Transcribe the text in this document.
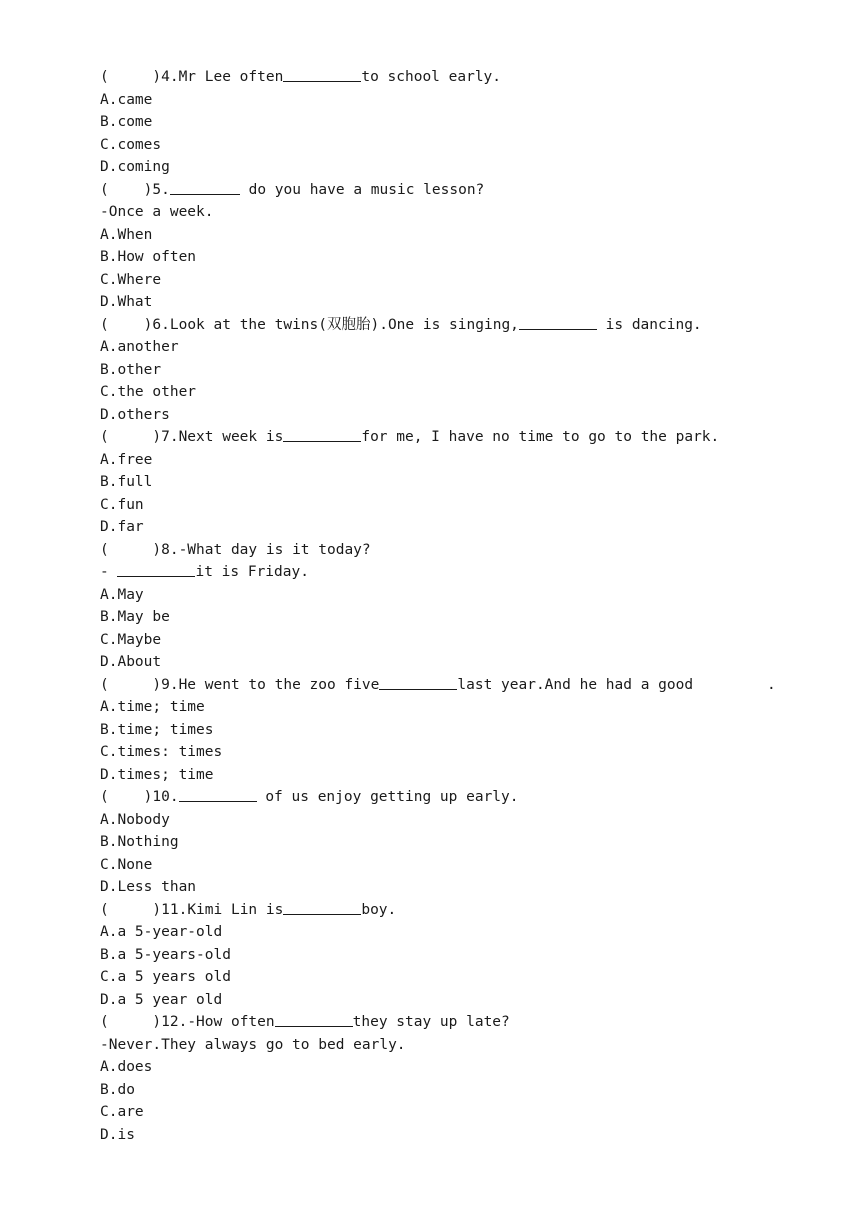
(     )4.Mr Lee often	to school early.
A.came
B.come
C.comes
D.coming
(    )5.	do you have a music lesson?
-Once a week.
A.When
B.How often
C.Where
D.What
(    )6.Look at the twins(双胞胎).One is singing,	is dancing.
A.another
B.other
C.the other
D.others
(     )7.Next week is	for me, I have no time to go to the park.
A.free
B.full
C.fun
D.far
(     )8.-What day is it today?
-	it is Friday.
A.May
B.May be
C.Maybe
D.About
(     )9.He went to the zoo five	last year.And he had a good	.
A.time; time
B.time; times
C.times: times
D.times; time
(    )10.	of us enjoy getting up early.
A.Nobody
B.Nothing
C.None
D.Less than
(     )11.Kimi Lin is	boy.
A.a 5-year-old
B.a 5-years-old
C.a 5 years old
D.a 5 year old
(     )12.-How often	they stay up late?
-Never.They always go to bed early.
A.does
B.do
C.are
D.is
